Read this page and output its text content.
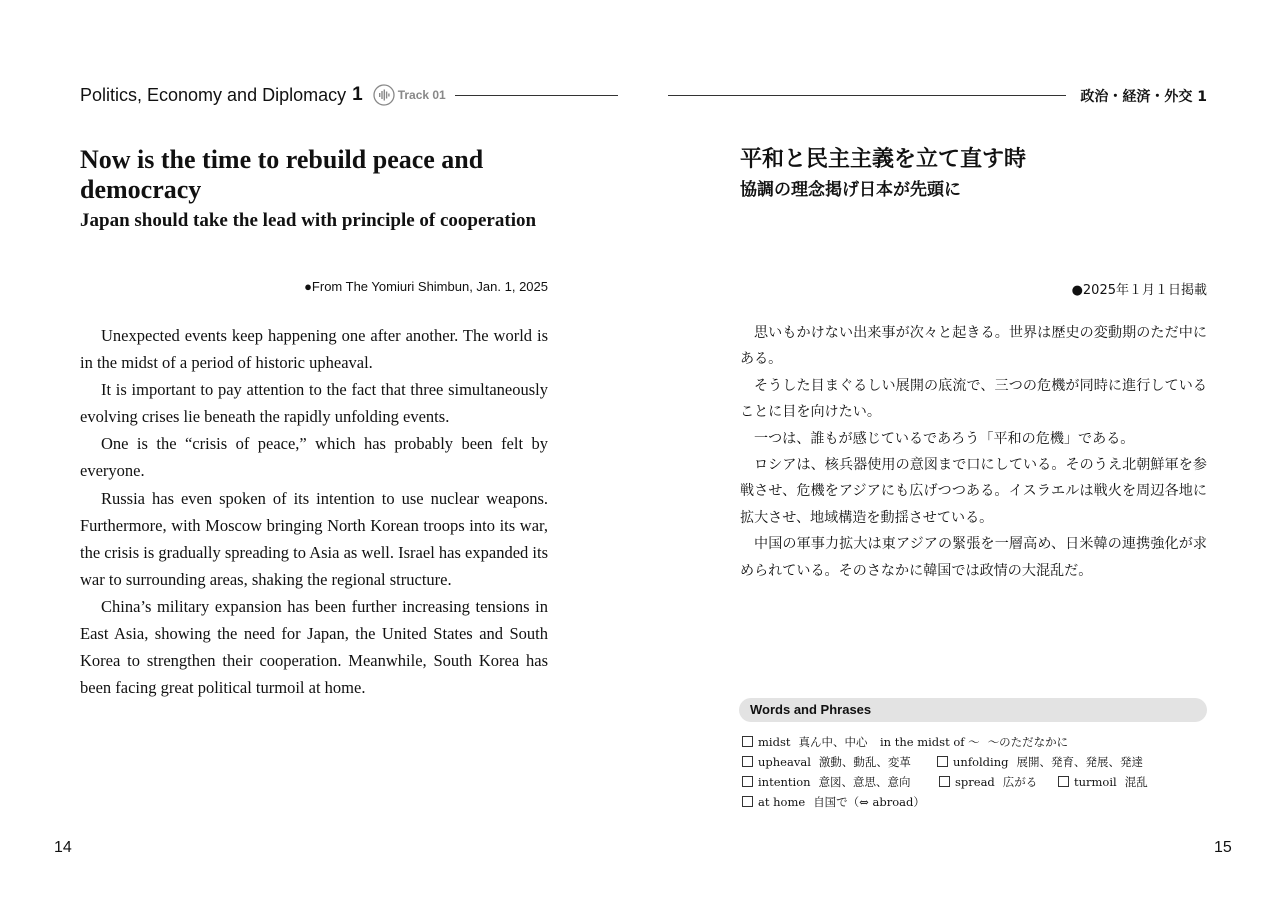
Politics, Economy and Diplomacy 1	Track 01	政治・経済・外交 1
Now is the time to rebuild peace and democracy
Japan should take the lead with principle of cooperation
●From The Yomiuri Shimbun, Jan. 1, 2025

Unexpected events keep happening one after another. The world is in the midst of a period of historic upheaval.

It is important to pay attention to the fact that three simultaneously evolving crises lie beneath the rapidly unfolding events.

One is the “crisis of peace,” which has probably been felt by everyone.

Russia has even spoken of its intention to use nuclear weapons. Furthermore, with Moscow bringing North Korean troops into its war, the crisis is gradually spreading to Asia as well. Israel has expanded its war to surrounding areas, shaking the regional structure.

China’s military expansion has been further increasing tensions in East Asia, showing the need for Japan, the United States and South Korea to strengthen their cooperation. Meanwhile, South Korea has been facing great political turmoil at home.

14
平和と民主主義を立て直す時
協調の理念掲げ日本が先頭に
●2025年１月１日掲載

思いもかけない出来事が次々と起きる。世界は歴史の変動期のただ中にある。

そうした目まぐるしい展開の底流で、三つの危機が同時に進行していることに目を向けたい。

一つは、誰もが感じているであろう「平和の危機」である。

ロシアは、核兵器使用の意図まで口にしている。そのうえ北朝鮮軍を参戦させ、危機をアジアにも広げつつある。イスラエルは戦火を周辺各地に拡大させ、地域構造を動揺させている。

中国の軍事力拡大は東アジアの緊張を一層高め、日米韓の連携強化が求められている。そのさなかに韓国では政情の大混乱だ。

Words and Phrases
midst 真ん中、中心 in the midst of 〜 〜のただなかに
upheaval 激動、動乱、変革	unfolding 展開、発育、発展、発達
intention 意図、意思、意向	spread 広がる	turmoil 混乱
at home 自国で（⇔ abroad）
15
